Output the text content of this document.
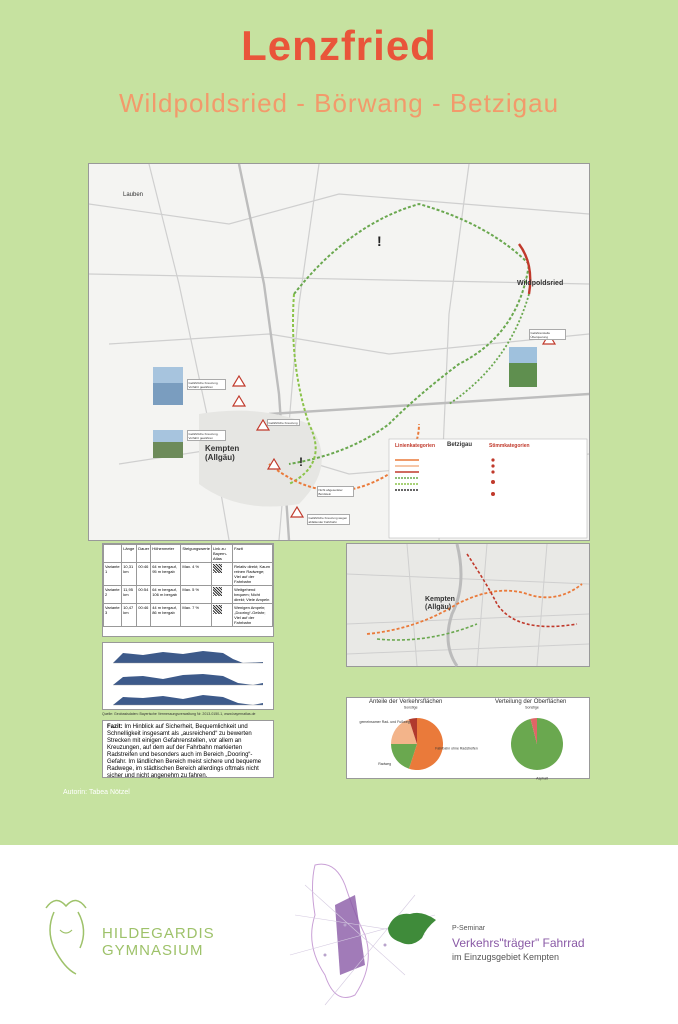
Lenzfried
Wildpoldsried - Börwang - Betzigau
!
!
Lauben
Wildpoldsried
Kempten (Allgäu)
Betzigau
Gefährliche Kreuzung, Vorfahrt gewähren
Gefährliche Kreuzung, Vorfahrt gewähren
Gefährliche Kreuzung
Nicht abgesenkter Bordstein
Gefährliche Kreuzung wegen abfallender Fahrbahn
Gefahrenstelle Überquerung
Linienkategorien	Stimmkategorien
	Länge	Dauer	Höhenmeter	Steigungswerte	Link zu Bayern-Atlas	Fazit
Variante 1	10,31 km	00:46	64 m bergauf, 95 m bergab	Max. 4 %		Relativ direkt; Kaum reinen Radwege; Viel auf der Fahrbahn
Variante 2	11,95 km	00:54	64 m bergauf, 106 m bergab	Max. 5 %		Weitgehend bequem; Nicht direkt; Viele Ampeln
Variante 3	10,47 km	00:46	44 m bergauf, 86 m bergab	Max. 7 %		Wenigen Ampeln; „Dooring“-Gefahr; Viel auf der Fahrbahn
Quelle: Geobasisdaten: Bayerische Vermessungsverwaltung Nr. 2013-0150-1, www.bayernatlas.de
Fazit: Im Hinblick auf Sicherheit, Bequemlichkeit und Schnelligkeit insgesamt als „ausreichend“ zu bewerten Strecken mit einigen Gefahrenstellen, vor allem an Kreuzungen, auf dem auf der Fahrbahn markierten Radstreifen und besonders auch im Bereich „Dooring“-Gefahr. Im ländlichen Bereich meist sichere und bequeme Radwege, im städtischen Bereich allerdings oftmals nicht sicher und nicht angenehm zu fahren.
Kempten (Allgäu)
Anteile der Verkehrsflächen	Verteilung der Oberflächen
Fahrbahn ohne Radstreifen
Radweg
gemeinsamer Rad- und Fußweg
Sonstige
Asphalt
Sonstige
Autorin: Tabea Nötzel
HILDEGARDIS
GYMNASIUM
P-Seminar
Verkehrs"träger" Fahrrad
im Einzugsgebiet Kempten
